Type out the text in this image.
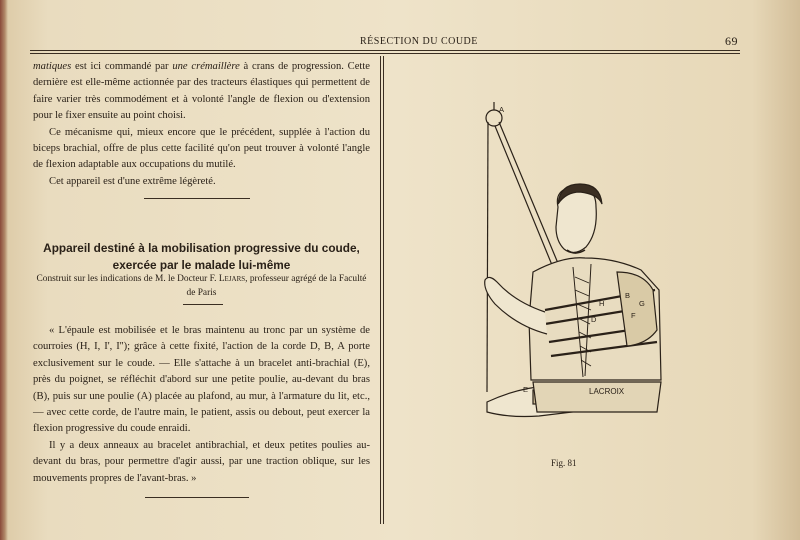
RÉSECTION DU COUDE	69

matiques est ici commandé par une crémaillère à crans de progression. Cette dernière est elle-même actionnée par des tracteurs élastiques qui permettent de faire varier très commodément et à volonté l'angle de flexion ou d'extension pour le fixer ensuite au point choisi.

Ce mécanisme qui, mieux encore que le précédent, supplée à l'action du biceps brachial, offre de plus cette facilité qu'on peut trouver à volonté l'angle de flexion adaptable aux occupations du mutilé.

Cet appareil est d'une extrême légèreté.

Appareil destiné à la mobilisation progressive du coude,
exercée par le malade lui-même
Construit sur les indications de M. le Docteur F. Lejars, professeur agrégé de la Faculté de Paris

« L'épaule est mobilisée et le bras maintenu au tronc par un système de courroies (H, I, I', I''); grâce à cette fixité, l'action de la corde D, B, A porte exclusivement sur le coude. — Elle s'attache à un bracelet anti-brachial (E), près du poignet, se réfléchit d'abord sur une petite poulie, au-devant du bras (B), puis sur une poulie (A) placée au plafond, au mur, à l'armature du lit, etc., — avec cette corde, de l'autre main, le patient, assis ou debout, peut exercer la flexion progressive du coude enraidi.

Il y a deux anneaux au bracelet antibrachial, et deux petites poulies au-devant du bras, pour permettre d'agir aussi, par une traction oblique, sur les mouvements propres de l'avant-bras. »

A
B
D
E
F
G
H
LACROIX
Fig. 81
